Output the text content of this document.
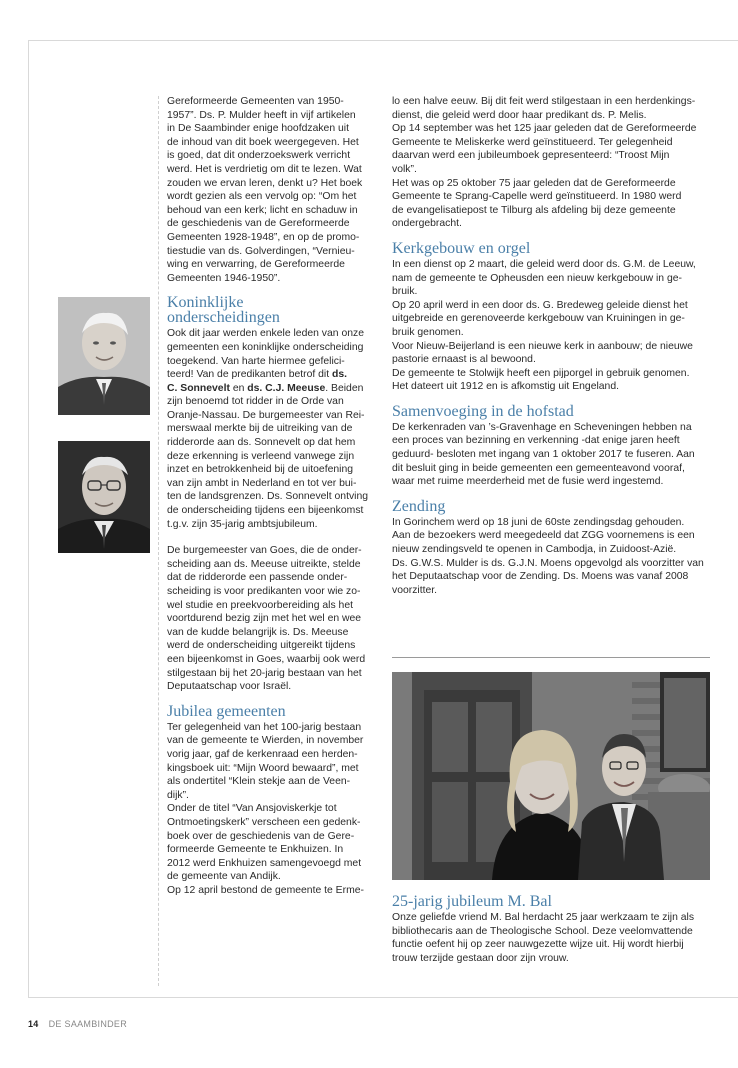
Gereformeerde Gemeenten van 1950-
1957”. Ds. P. Mulder heeft in vijf artikelen
in De Saambinder enige hoofdzaken uit
de inhoud van dit boek weergegeven. Het
is goed, dat dit onderzoekswerk verricht
werd. Het is verdrietig om dit te lezen. Wat
zouden we ervan leren, denkt u? Het boek
wordt gezien als een vervolg op: “Om het
behoud van een kerk; licht en schaduw in
de geschiedenis van de Gereformeerde
Gemeenten 1928-1948”, en op de promo-
tiestudie van ds. Golverdingen, “Vernieu-
wing en verwarring, de Gereformeerde
Gemeenten 1946-1950”.

Koninklijke
onderscheidingen

Ook dit jaar werden enkele leden van onze
gemeenten een koninklijke onderscheiding
toegekend. Van harte hiermee gefelici-
teerd! Van de predikanten betrof dit ds.
C. Sonnevelt en ds. C.J. Meeuse. Beiden
zijn benoemd tot ridder in de Orde van
Oranje-Nassau. De burgemeester van Rei-
merswaal merkte bij de uitreiking van de
ridderorde aan ds. Sonnevelt op dat hem
deze erkenning is verleend vanwege zijn
inzet en betrokkenheid bij de uitoefening
van zijn ambt in Nederland en tot ver bui-
ten de landsgrenzen. Ds. Sonnevelt ontving
de onderscheiding tijdens een bijeenkomst
t.g.v. zijn 35-jarig ambtsjubileum.

De burgemeester van Goes, die de onder-
scheiding aan ds. Meeuse uitreikte, stelde
dat de ridderorde een passende onder-
scheiding is voor predikanten voor wie zo-
wel studie en preekvoorbereiding als het
voortdurend bezig zijn met het wel en wee
van de kudde belangrijk is. Ds. Meeuse
werd de onderscheiding uitgereikt tijdens
een bijeenkomst in Goes, waarbij ook werd
stilgestaan bij het 20-jarig bestaan van het
Deputaatschap voor Israël.

Jubilea gemeenten

Ter gelegenheid van het 100-jarig bestaan
van de gemeente te Wierden, in november
vorig jaar, gaf de kerkenraad een herden-
kingsboek uit: “Mijn Woord bewaard”, met
als ondertitel “Klein stekje aan de Veen-
dijk”.
Onder de titel “Van Ansjoviskerkje tot
Ontmoetingskerk” verscheen een gedenk-
boek over de geschiedenis van de Gere-
formeerde Gemeente te Enkhuizen. In
2012 werd Enkhuizen samengevoegd met
de gemeente van Andijk.
Op 12 april bestond de gemeente te Erme-

lo een halve eeuw. Bij dit feit werd stilgestaan in een herdenkings-
dienst, die geleid werd door haar predikant ds. P. Melis.
Op 14 september was het 125 jaar geleden dat de Gereformeerde
Gemeente te Meliskerke werd geïnstitueerd. Ter gelegenheid
daarvan werd een jubileumboek gepresenteerd: “Troost Mijn
volk”.
Het was op 25 oktober 75 jaar geleden dat de Gereformeerde
Gemeente te Sprang-Capelle werd geïnstitueerd. In 1980 werd
de evangelisatiepost te Tilburg als afdeling bij deze gemeente
ondergebracht.

Kerkgebouw en orgel

In een dienst op 2 maart, die geleid werd door ds. G.M. de Leeuw,
nam de gemeente te Opheusden een nieuw kerkgebouw in ge-
bruik.
Op 20 april werd in een door ds. G. Bredeweg geleide dienst het
uitgebreide en gerenoveerde kerkgebouw van Kruiningen in ge-
bruik genomen.
Voor Nieuw-Beijerland is een nieuwe kerk in aanbouw; de nieuwe
pastorie ernaast is al bewoond.
De gemeente te Stolwijk heeft een pijporgel in gebruik genomen.
Het dateert uit 1912 en is afkomstig uit Engeland.

Samenvoeging in de hofstad

De kerkenraden van ’s-Gravenhage en Scheveningen hebben na
een proces van bezinning en verkenning -dat enige jaren heeft
geduurd- besloten met ingang van 1 oktober 2017 te fuseren. Aan
dit besluit ging in beide gemeenten een gemeenteavond vooraf,
waar met ruime meerderheid met de fusie werd ingestemd.

Zending

In Gorinchem werd op 18 juni de 60ste zendingsdag gehouden.
Aan de bezoekers werd meegedeeld dat ZGG voornemens is een
nieuw zendingsveld te openen in Cambodja, in Zuidoost-Azië.
Ds. G.W.S. Mulder is ds. G.J.N. Moens opgevolgd als voorzitter van
het Deputaatschap voor de Zending. Ds. Moens was vanaf 2008
voorzitter.

25-jarig jubileum M. Bal

Onze geliefde vriend M. Bal herdacht 25 jaar werkzaam te zijn als
bibliothecaris aan de Theologische School. Deze veelomvattende
functie oefent hij op zeer nauwgezette wijze uit. Hij wordt hierbij
trouw terzijde gestaan door zijn vrouw.

14 DE SAAMBINDER
